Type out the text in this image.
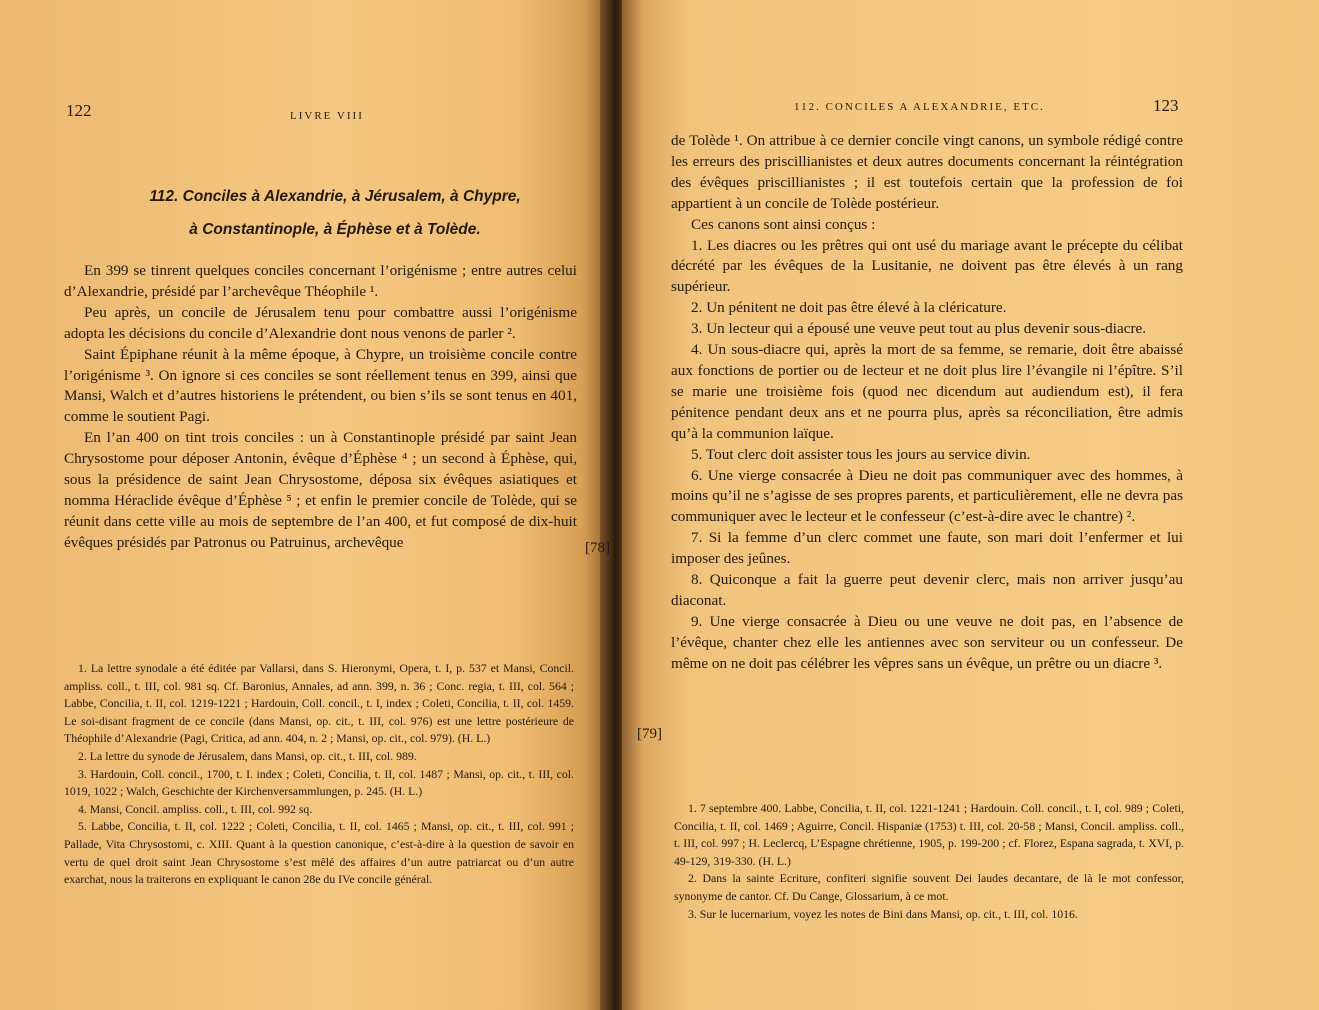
122	LIVRE VIII
112. Conciles à Alexandrie, à Jérusalem, à Chypre,
à Constantinople, à Éphèse et à Tolède.

En 399 se tinrent quelques conciles concernant l’origénisme ; entre autres celui d’Alexandrie, présidé par l’archevêque Théophile ¹.

Peu après, un concile de Jérusalem tenu pour combattre aussi l’origénisme adopta les décisions du concile d’Alexandrie dont nous venons de parler ².

Saint Épiphane réunit à la même époque, à Chypre, un troisième concile contre l’origénisme ³. On ignore si ces conciles se sont réellement tenus en 399, ainsi que Mansi, Walch et d’autres historiens le prétendent, ou bien s’ils se sont tenus en 401, comme le soutient Pagi.

En l’an 400 on tint trois conciles : un à Constantinople présidé par saint Jean Chrysostome pour déposer Antonin, évêque d’Éphèse ⁴ ; un second à Éphèse, qui, sous la présidence de saint Jean Chrysostome, déposa six évêques asiatiques et nomma Héraclide évêque d’Éphèse ⁵ ; et enfin le premier concile de Tolède, qui se réunit dans cette ville au mois de septembre de l’an 400, et fut composé de dix-huit évêques présidés par Patronus ou Patruinus, archevêque

1. La lettre synodale a été éditée par Vallarsi, dans S. Hieronymi, Opera, t. I, p. 537 et Mansi, Concil. ampliss. coll., t. III, col. 981 sq. Cf. Baronius, Annales, ad ann. 399, n. 36 ; Conc. regia, t. III, col. 564 ; Labbe, Concilia, t. II, col. 1219-1221 ; Hardouin, Coll. concil., t. I, index ; Coleti, Concilia, t. II, col. 1459. Le soi-disant fragment de ce concile (dans Mansi, op. cit., t. III, col. 976) est une lettre postérieure de Théophile d’Alexandrie (Pagi, Critica, ad ann. 404, n. 2 ; Mansi, op. cit., col. 979). (H. L.)

2. La lettre du synode de Jérusalem, dans Mansi, op. cit., t. III, col. 989.

3. Hardouin, Coll. concil., 1700, t. I. index ; Coleti, Concilia, t. II, col. 1487 ; Mansi, op. cit., t. III, col. 1019, 1022 ; Walch, Geschichte der Kirchenversammlungen, p. 245. (H. L.)

4. Mansi, Concil. ampliss. coll., t. III, col. 992 sq.

5. Labbe, Concilia, t. II, col. 1222 ; Coleti, Concilia, t. II, col. 1465 ; Mansi, op. cit., t. III, col. 991 ; Pallade, Vita Chrysostomi, c. XIII. Quant à la question canonique, c’est-à-dire à la question de savoir en vertu de quel droit saint Jean Chrysostome s’est mêlé des affaires d’un autre patriarcat ou d’un autre exarchat, nous la traiterons en expliquant le canon 28e du IVe concile général.

[78]
112. CONCILES A ALEXANDRIE, ETC.	123

de Tolède ¹. On attribue à ce dernier concile vingt canons, un symbole rédigé contre les erreurs des priscillianistes et deux autres documents concernant la réintégration des évêques priscillianistes ; il est toutefois certain que la profession de foi appartient à un concile de Tolède postérieur.

Ces canons sont ainsi conçus :

1. Les diacres ou les prêtres qui ont usé du mariage avant le précepte du célibat décrété par les évêques de la Lusitanie, ne doivent pas être élevés à un rang supérieur.

2. Un pénitent ne doit pas être élevé à la cléricature.

3. Un lecteur qui a épousé une veuve peut tout au plus devenir sous-diacre.

4. Un sous-diacre qui, après la mort de sa femme, se remarie, doit être abaissé aux fonctions de portier ou de lecteur et ne doit plus lire l’évangile ni l’épître. S’il se marie une troisième fois (quod nec dicendum aut audiendum est), il fera pénitence pendant deux ans et ne pourra plus, après sa réconciliation, être admis qu’à la communion laïque.

5. Tout clerc doit assister tous les jours au service divin.

6. Une vierge consacrée à Dieu ne doit pas communiquer avec des hommes, à moins qu’il ne s’agisse de ses propres parents, et particulièrement, elle ne devra pas communiquer avec le lecteur et le confesseur (c’est-à-dire avec le chantre) ².

7. Si la femme d’un clerc commet une faute, son mari doit l’enfermer et lui imposer des jeûnes.

8. Quiconque a fait la guerre peut devenir clerc, mais non arriver jusqu’au diaconat.

9. Une vierge consacrée à Dieu ou une veuve ne doit pas, en l’absence de l’évêque, chanter chez elle les antiennes avec son serviteur ou un confesseur. De même on ne doit pas célébrer les vêpres sans un évêque, un prêtre ou un diacre ³.

1. 7 septembre 400. Labbe, Concilia, t. II, col. 1221-1241 ; Hardouin. Coll. concil., t. I, col. 989 ; Coleti, Concilia, t. II, col. 1469 ; Aguirre, Concil. Hispaniæ (1753) t. III, col. 20-58 ; Mansi, Concil. ampliss. coll., t. III, col. 997 ; H. Leclercq, L’Espagne chrétienne, 1905, p. 199-200 ; cf. Florez, Espana sagrada, t. XVI, p. 49-129, 319-330. (H. L.)

2. Dans la sainte Ecriture, confiteri signifie souvent Dei laudes decantare, de là le mot confessor, synonyme de cantor. Cf. Du Cange, Glossarium, à ce mot.

3. Sur le lucernarium, voyez les notes de Bini dans Mansi, op. cit., t. III, col. 1016.

[79]
